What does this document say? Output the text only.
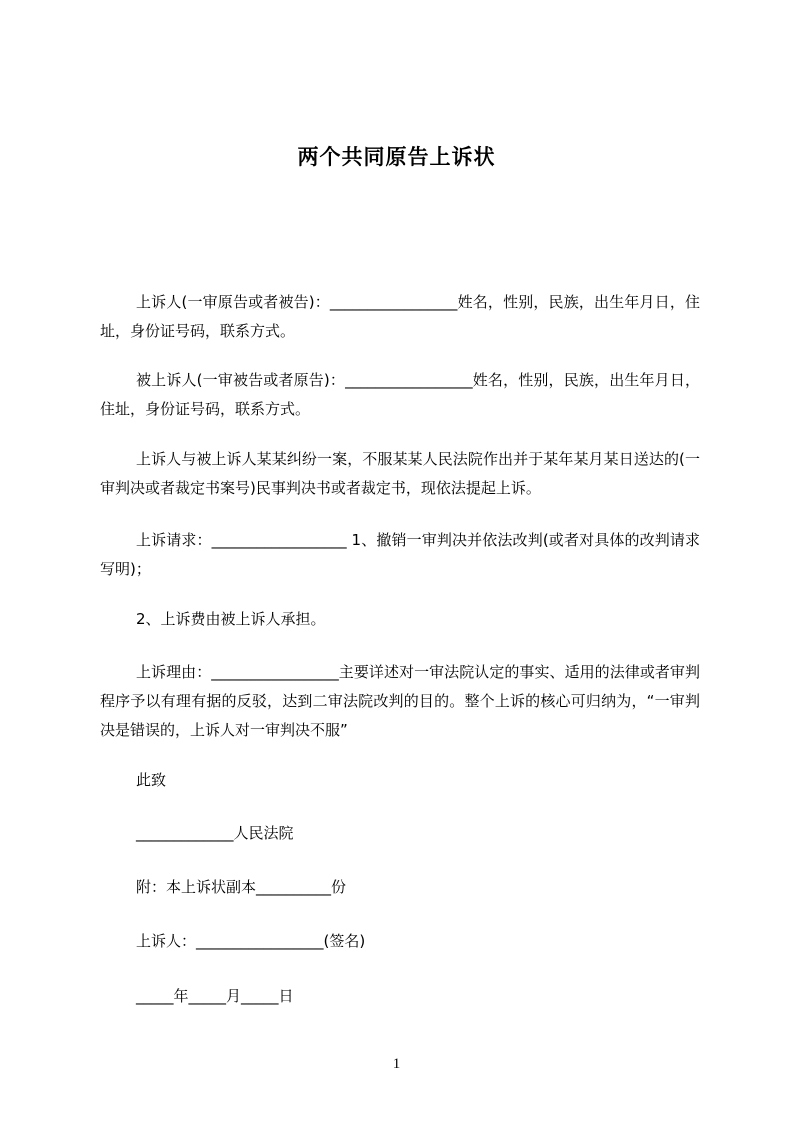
两个共同原告上诉状
上诉人(一审原告或者被告)：_________________姓名，性别，民族，出生年月日，住址，身份证号码，联系方式。
被上诉人(一审被告或者原告)：_________________姓名，性别，民族，出生年月日，住址，身份证号码，联系方式。
上诉人与被上诉人某某纠纷一案，不服某某人民法院作出并于某年某月某日送达的(一审判决或者裁定书案号)民事判决书或者裁定书，现依法提起上诉。
上诉请求：__________________ 1、撤销一审判决并依法改判(或者对具体的改判请求写明)；
2、上诉费由被上诉人承担。
上诉理由：_________________主要详述对一审法院认定的事实、适用的法律或者审判程序予以有理有据的反驳，达到二审法院改判的目的。整个上诉的核心可归纳为，“一审判决是错误的，上诉人对一审判决不服”
此致
_____________人民法院
附：本上诉状副本__________份
上诉人：_________________(签名)
_____年_____月_____日
1
